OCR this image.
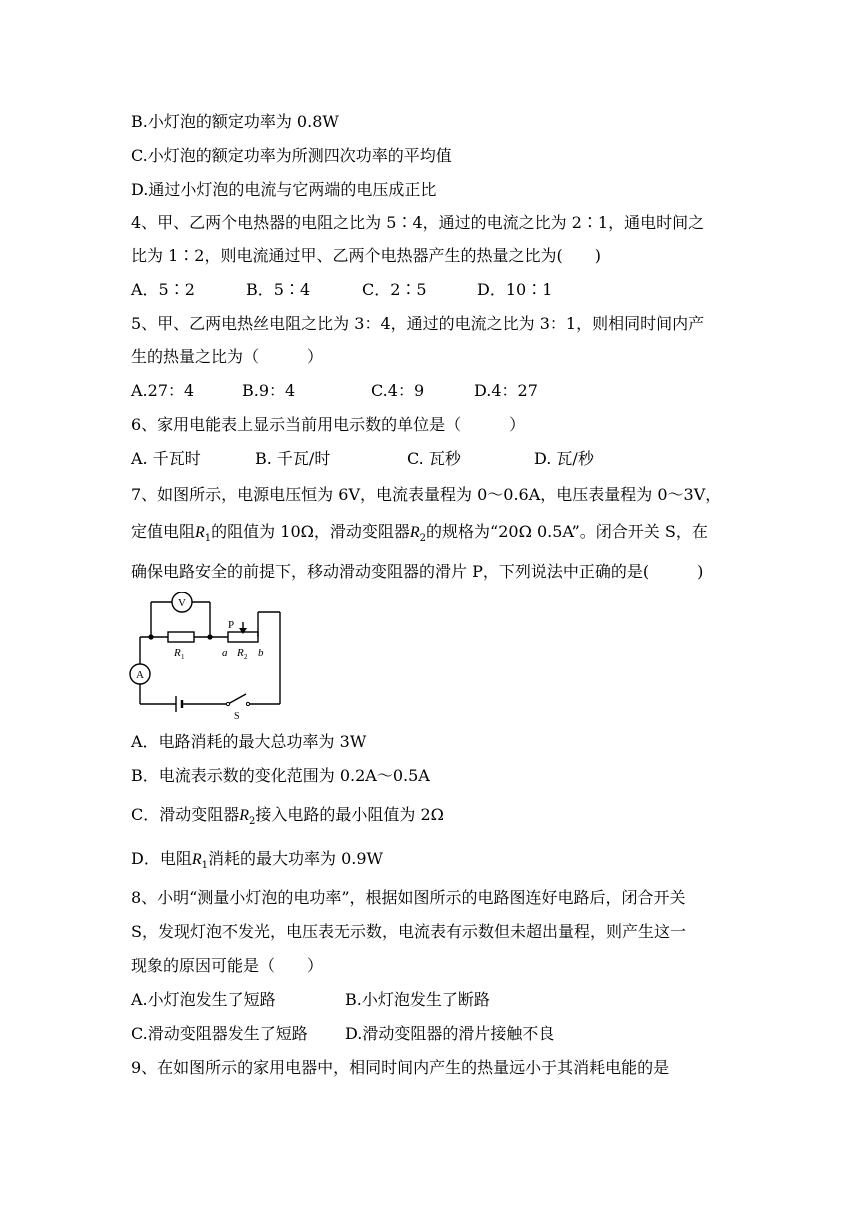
B.小灯泡的额定功率为 0.8W
C.小灯泡的额定功率为所测四次功率的平均值
D.通过小灯泡的电流与它两端的电压成正比
4、甲、乙两个电热器的电阻之比为 5∶4，通过的电流之比为 2∶1，通电时间之
比为 1∶2，则电流通过甲、乙两个电热器产生的热量之比为(　　)
A．5∶2	B．5∶4	C．2∶5	D．10∶1
5、甲、乙两电热丝电阻之比为 3：4，通过的电流之比为 3：1，则相同时间内产
生的热量之比为（　　　）
A.27：4	B.9：4	C.4：9	D.4：27
6、家用电能表上显示当前用电示数的单位是（　　　）
A. 千瓦时	B. 千瓦/时	C. 瓦秒	D. 瓦/秒
7、如图所示，电源电压恒为 6V，电流表量程为 0～0.6A，电压表量程为 0～3V，
定值电阻$R_1$的阻值为 10Ω，滑动变阻器$R_2$的规格为“20Ω 0.5A”。闭合开关 S，在
确保电路安全的前提下，移动滑动变阻器的滑片 P，下列说法中正确的是(　　　)
V
A
P
R 1	a R 2 b
S
A．电路消耗的最大总功率为 3W
B．电流表示数的变化范围为 0.2A～0.5A
C．滑动变阻器$R_2$接入电路的最小阻值为 2Ω
D．电阻$R_1$消耗的最大功率为 0.9W
8、小明“测量小灯泡的电功率”，根据如图所示的电路图连好电路后，闭合开关
S，发现灯泡不发光，电压表无示数，电流表有示数但未超出量程，则产生这一
现象的原因可能是（　　）
A.小灯泡发生了短路	B.小灯泡发生了断路
C.滑动变阻器发生了短路 D.滑动变阻器的滑片接触不良
9、在如图所示的家用电器中，相同时间内产生的热量远小于其消耗电能的是
